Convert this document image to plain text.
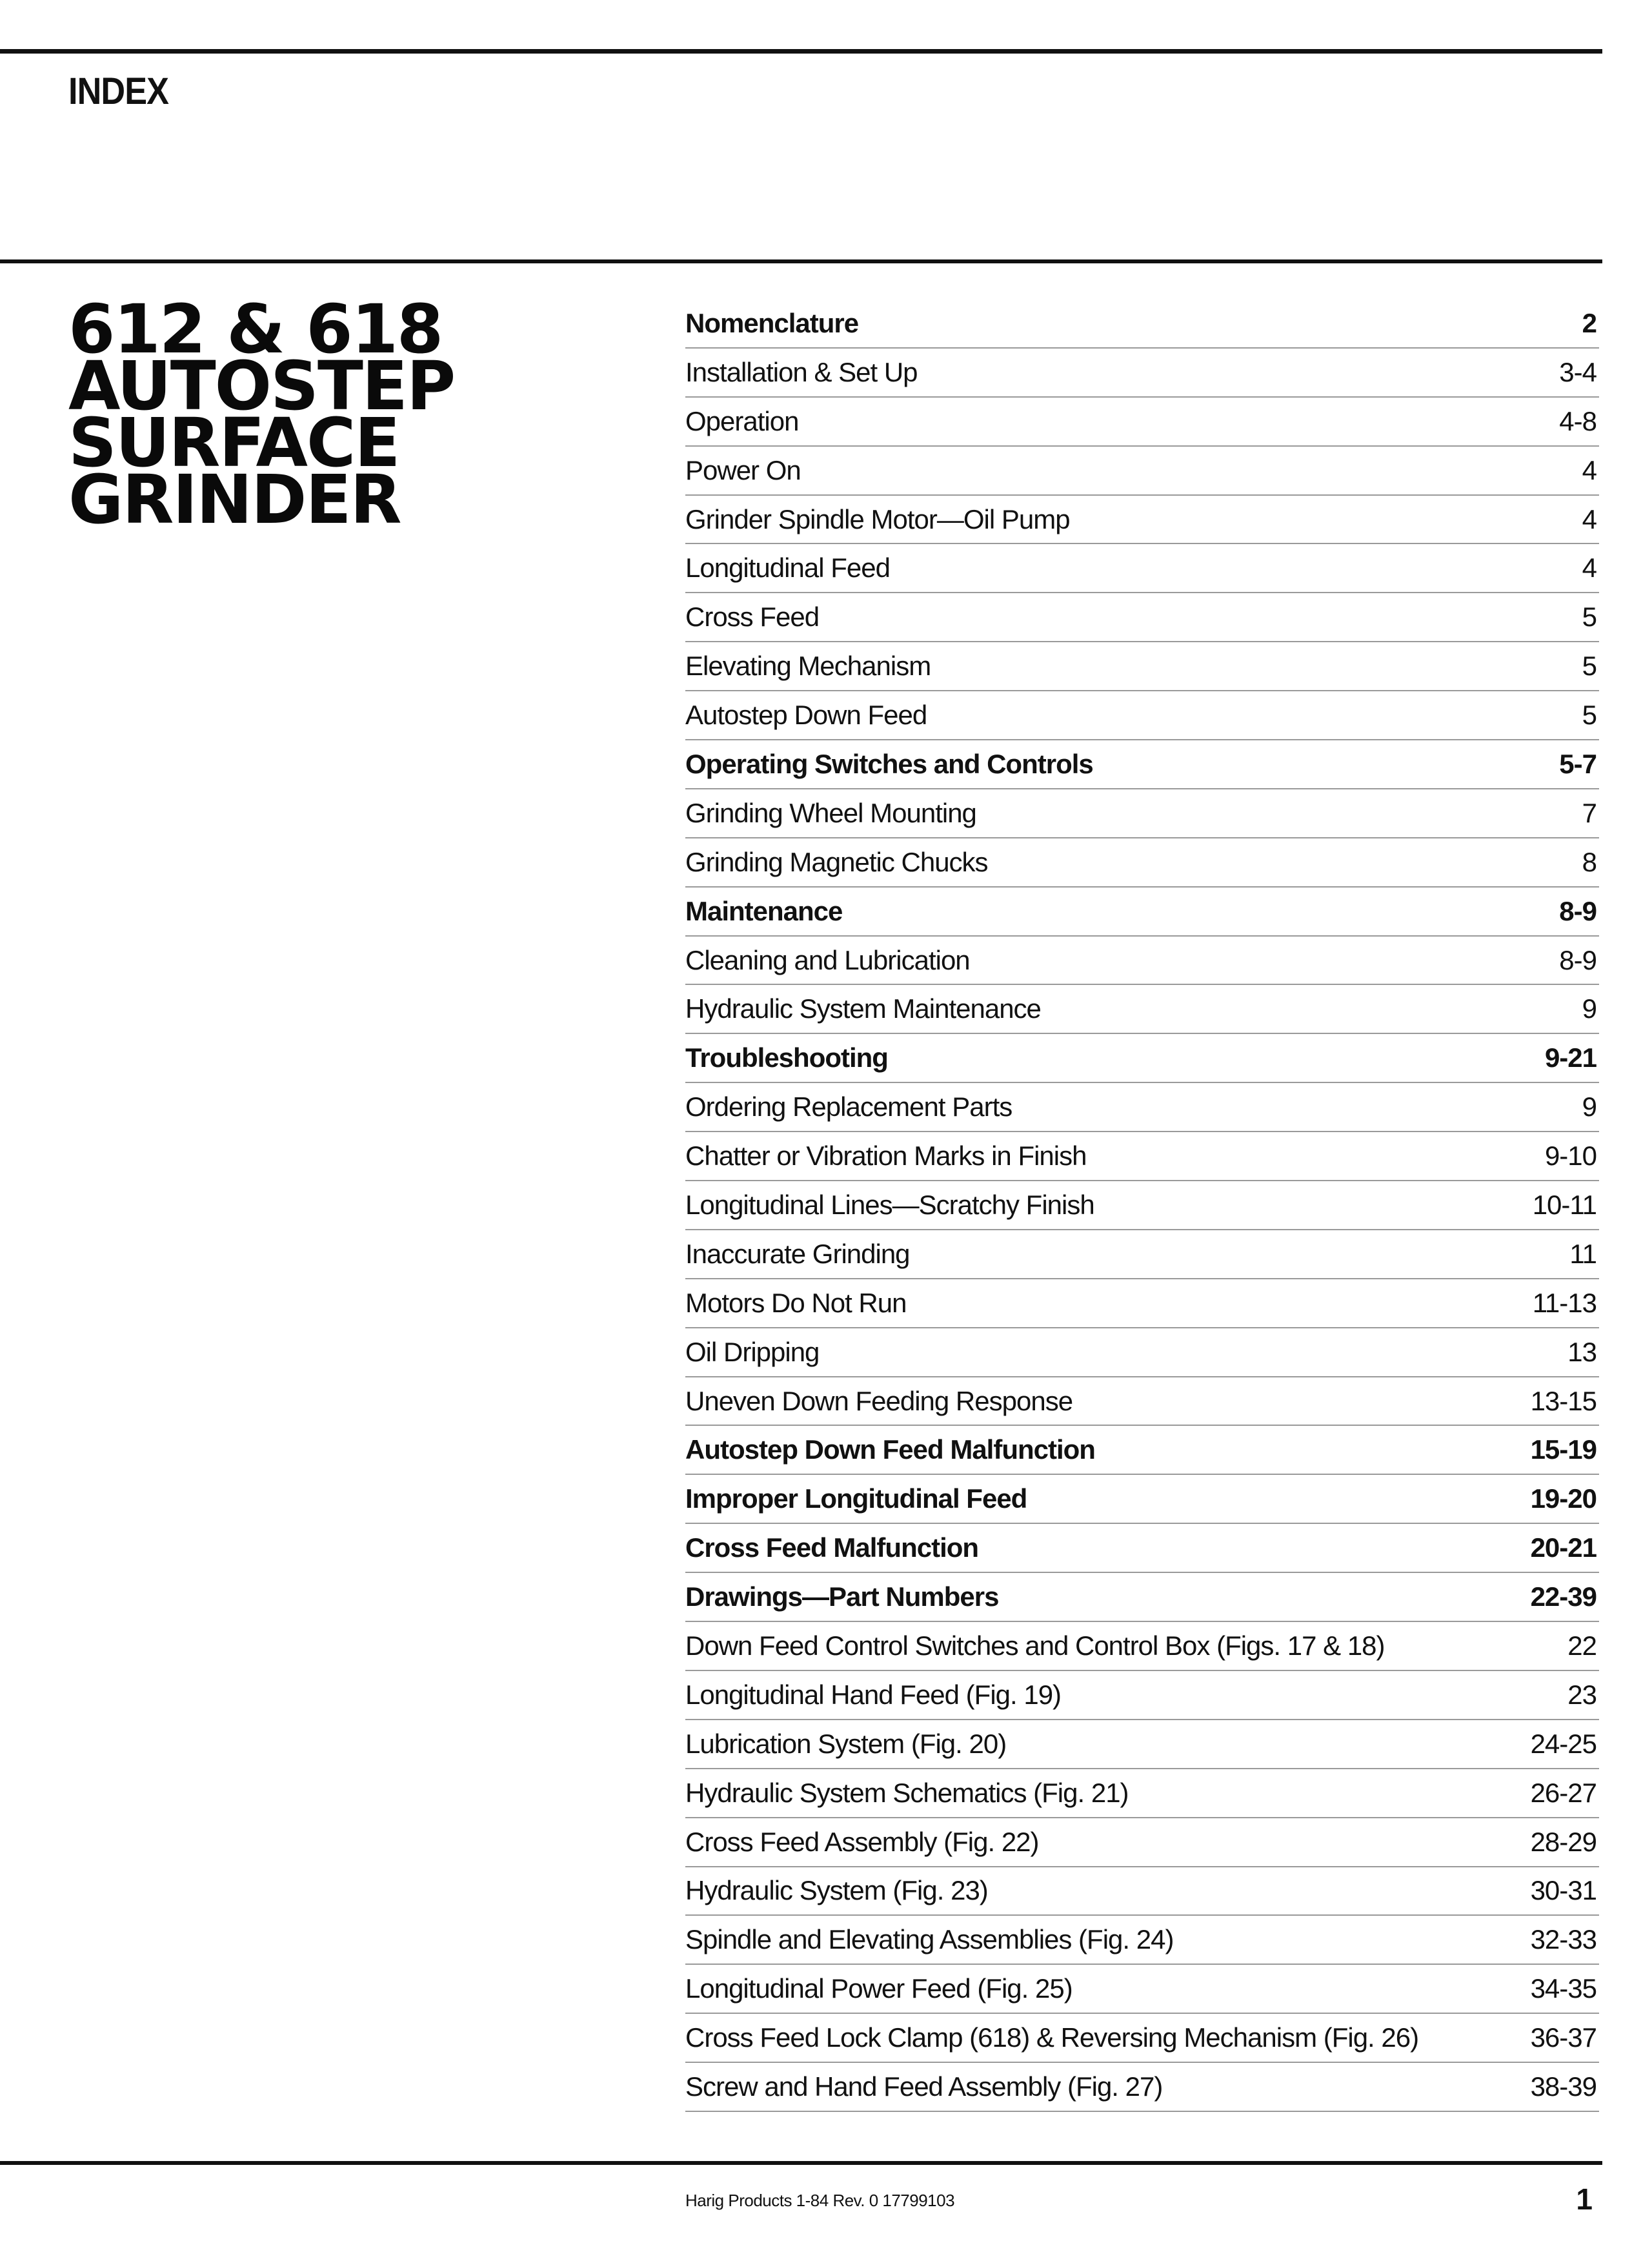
INDEX
612 & 618
AUTOSTEP
SURFACE
GRINDER
Nomenclature	2
Installation & Set Up	3-4
Operation	4-8
Power On	4
Grinder Spindle Motor—Oil Pump	4
Longitudinal Feed	4
Cross Feed	5
Elevating Mechanism	5
Autostep Down Feed	5
Operating Switches and Controls	5-7
Grinding Wheel Mounting	7
Grinding Magnetic Chucks	8
Maintenance	8-9
Cleaning and Lubrication	8-9
Hydraulic System Maintenance	9
Troubleshooting	9-21
Ordering Replacement Parts	9
Chatter or Vibration Marks in Finish	9-10
Longitudinal Lines—Scratchy Finish	10-11
Inaccurate Grinding	11
Motors Do Not Run	11-13
Oil Dripping	13
Uneven Down Feeding Response	13-15
Autostep Down Feed Malfunction	15-19
Improper Longitudinal Feed	19-20
Cross Feed Malfunction	20-21
Drawings—Part Numbers	22-39
Down Feed Control Switches and Control Box (Figs. 17 & 18)	22
Longitudinal Hand Feed (Fig. 19)	23
Lubrication System (Fig. 20)	24-25
Hydraulic System Schematics (Fig. 21)	26-27
Cross Feed Assembly (Fig. 22)	28-29
Hydraulic System (Fig. 23)	30-31
Spindle and Elevating Assemblies (Fig. 24)	32-33
Longitudinal Power Feed (Fig. 25)	34-35
Cross Feed Lock Clamp (618) & Reversing Mechanism (Fig. 26)	36-37
Screw and Hand Feed Assembly (Fig. 27)	38-39
Harig Products 1-84 Rev. 0 17799103	1
